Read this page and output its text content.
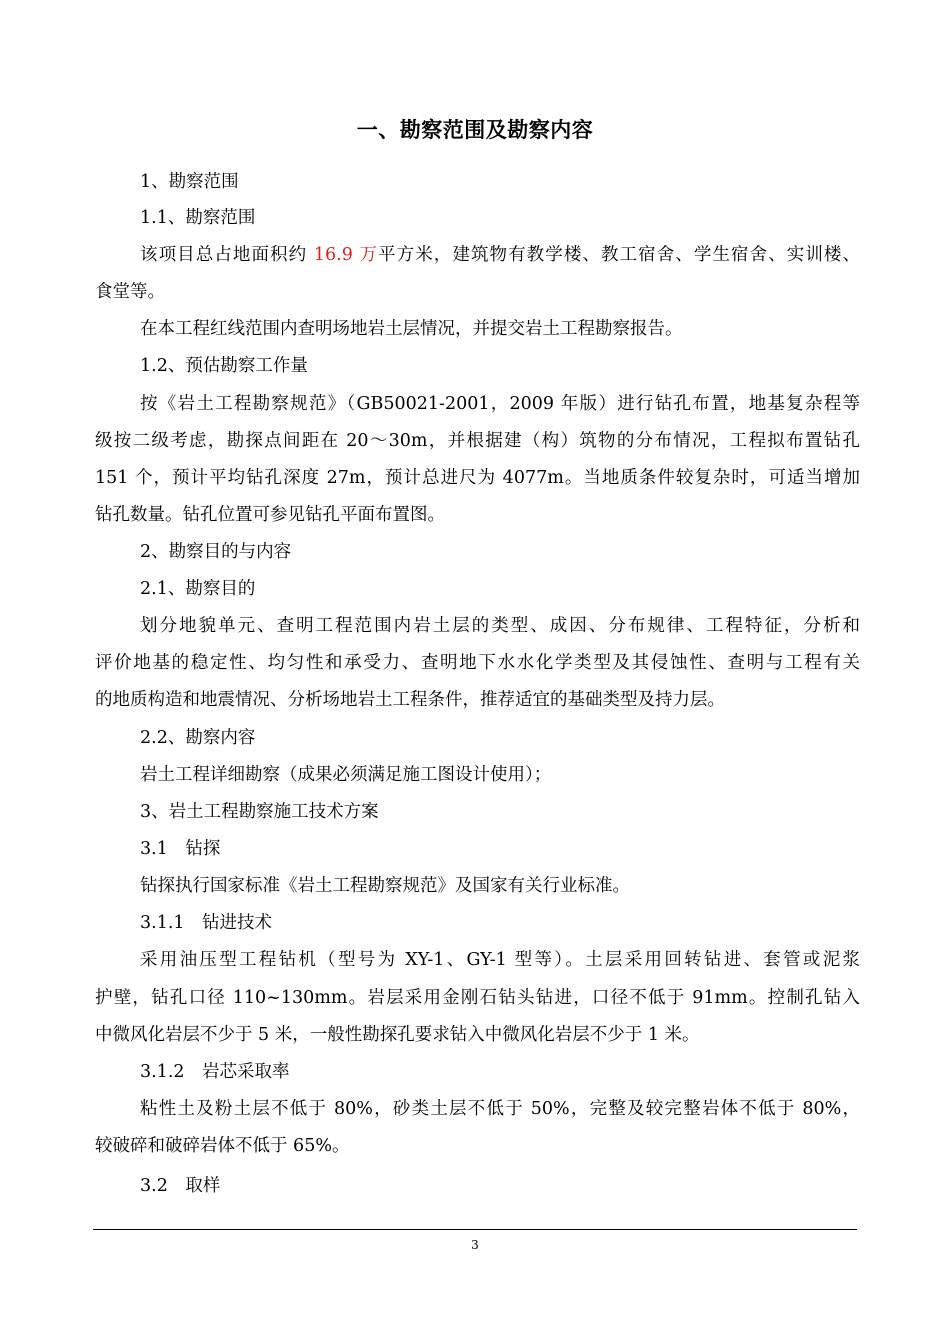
一、勘察范围及勘察内容
1、勘察范围
1.1、勘察范围
该项目总占地面积约 16.9 万平方米，建筑物有教学楼、教工宿舍、学生宿舍、实训楼、
食堂等。
在本工程红线范围内查明场地岩土层情况，并提交岩土工程勘察报告。
1.2、预估勘察工作量
按《岩土工程勘察规范》（GB50021-2001，2009 年版）进行钻孔布置，地基复杂程等
级按二级考虑，勘探点间距在 20～30m，并根据建（构）筑物的分布情况，工程拟布置钻孔
151 个，预计平均钻孔深度 27m，预计总进尺为 4077m。当地质条件较复杂时，可适当增加
钻孔数量。钻孔位置可参见钻孔平面布置图。
2、勘察目的与内容
2.1、勘察目的
划分地貌单元、查明工程范围内岩土层的类型、成因、分布规律、工程特征，分析和
评价地基的稳定性、均匀性和承受力、查明地下水水化学类型及其侵蚀性、查明与工程有关
的地质构造和地震情况、分析场地岩土工程条件，推荐适宜的基础类型及持力层。
2.2、勘察内容
岩土工程详细勘察（成果必须满足施工图设计使用）；
3、岩土工程勘察施工技术方案
3.1　钻探
钻探执行国家标准《岩土工程勘察规范》及国家有关行业标准。
3.1.1　钻进技术
采用油压型工程钻机（型号为 XY-1、GY-1 型等）。土层采用回转钻进、套管或泥浆
护壁，钻孔口径 110~130mm。岩层采用金刚石钻头钻进，口径不低于 91mm。控制孔钻入
中微风化岩层不少于 5 米，一般性勘探孔要求钻入中微风化岩层不少于 1 米。
3.1.2　岩芯采取率
粘性土及粉土层不低于 80%，砂类土层不低于 50%，完整及较完整岩体不低于 80%，
较破碎和破碎岩体不低于 65%。
3.2　取样
3
